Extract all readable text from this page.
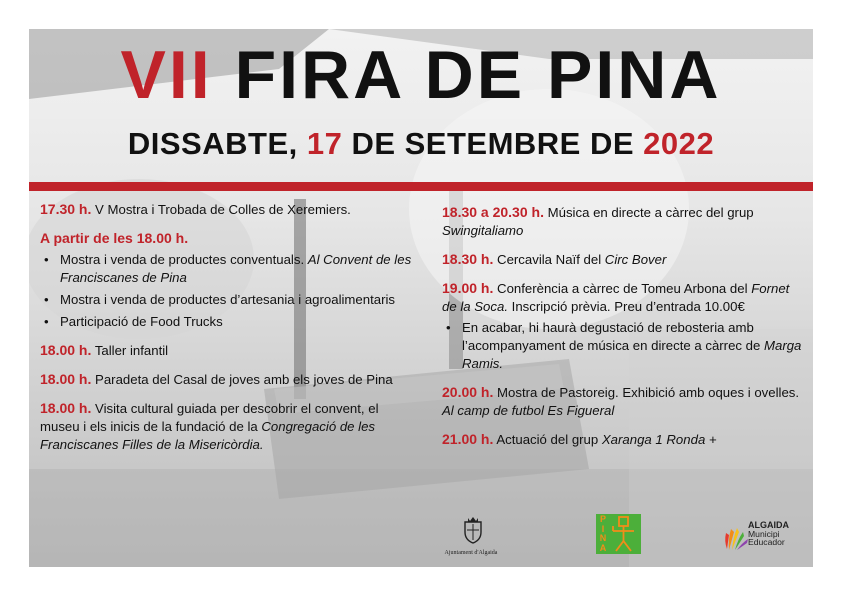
VII FIRA DE PINA
DISSABTE, 17 DE SETEMBRE DE 2022
17.30 h. V Mostra i Trobada de Colles de Xeremiers.
A partir de les 18.00 h.
• Mostra i venda de productes conventuals. Al Convent de les Franciscanes de Pina
• Mostra i venda de productes d’artesania i agroalimentaris
• Participació de Food Trucks
18.00 h. Taller infantil
18.00 h. Paradeta del Casal de joves amb els joves de Pina
18.00 h. Visita cultural guiada per descobrir el convent, el museu i els inicis de la fundació de la Congregació de les Franciscanes Filles de la Misericòrdia.
18.30 a 20.30 h. Música en directe a càrrec del grup Swingitaliamo
18.30 h. Cercavila Naïf del Circ Bover
19.00 h. Conferència a càrrec de Tomeu Arbona del Fornet de la Soca. Inscripció prèvia. Preu d’entrada 10.00€
• En acabar, hi haurà degustació de rebosteria amb l’acompanyament de música en directe a càrrec de Marga Ramis.
20.00 h. Mostra de Pastoreig. Exhibició amb oques i ovelles. Al camp de futbol Es Figueral
21.00 h. Actuació del grup Xaranga 1 Ronda +
Ajuntament d'Algaida
P
I
N
A
ALGAIDA
Municipi
Educador
